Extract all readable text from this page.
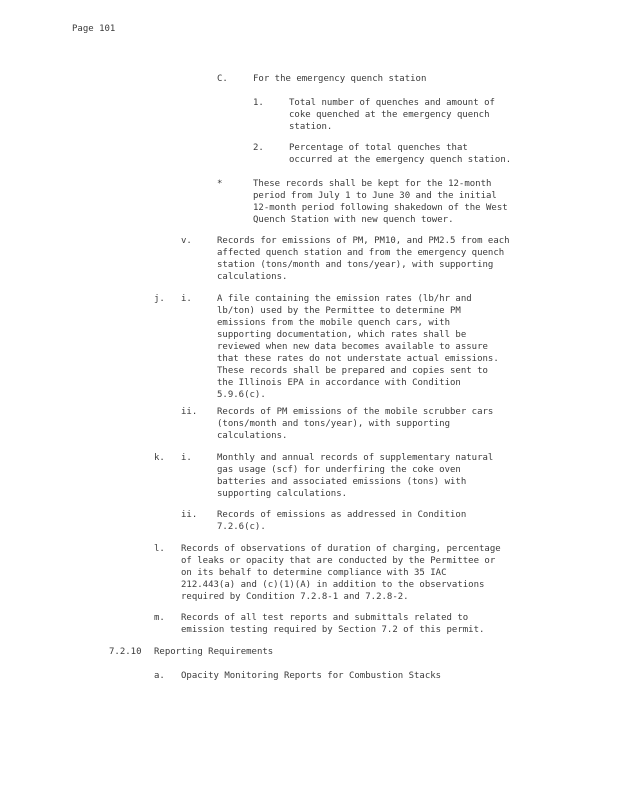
Page 101
C.	For the emergency quench station
1.	Total number of quenches and amount of
coke quenched at the emergency quench
station.
2.	Percentage of total quenches that
occurred at the emergency quench station.
*	These records shall be kept for the 12-month
period from July 1 to June 30 and the initial
12-month period following shakedown of the West
Quench Station with new quench tower.
v.	Records for emissions of PM, PM10, and PM2.5 from each
affected quench station and from the emergency quench
station (tons/month and tons/year), with supporting
calculations.
j. i.	A file containing the emission rates (lb/hr and
lb/ton) used by the Permittee to determine PM
emissions from the mobile quench cars, with
supporting documentation, which rates shall be
reviewed when new data becomes available to assure
that these rates do not understate actual emissions.
These records shall be prepared and copies sent to
the Illinois EPA in accordance with Condition
5.9.6(c).
ii. Records of PM emissions of the mobile scrubber cars
(tons/month and tons/year), with supporting
calculations.
k. i.	Monthly and annual records of supplementary natural
gas usage (scf) for underfiring the coke oven
batteries and associated emissions (tons) with
supporting calculations.
ii. Records of emissions as addressed in Condition
7.2.6(c).
l. Records of observations of duration of charging, percentage
of leaks or opacity that are conducted by the Permittee or
on its behalf to determine compliance with 35 IAC
212.443(a) and (c)(1)(A) in addition to the observations
required by Condition 7.2.8-1 and 7.2.8-2.
m. Records of all test reports and submittals related to
emission testing required by Section 7.2 of this permit.
7.2.10 Reporting Requirements
a. Opacity Monitoring Reports for Combustion Stacks
